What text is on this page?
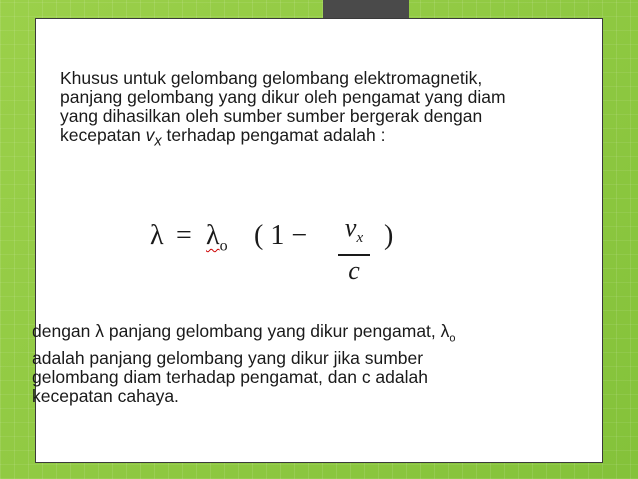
Khusus untuk gelombang gelombang elektromagnetik, panjang gelombang yang dikur oleh pengamat yang diam yang dihasilkan oleh sumber sumber bergerak dengan kecepatan $v_x$ terhadap pengamat adalah :

$\lambda = \lambda_o$ ( 1 −	$v_x$
c
)

dengan λ panjang gelombang yang dikur pengamat, $\lambda_o$ adalah panjang gelombang yang dikur jika sumber gelombang diam terhadap pengamat, dan c adalah kecepatan cahaya.
